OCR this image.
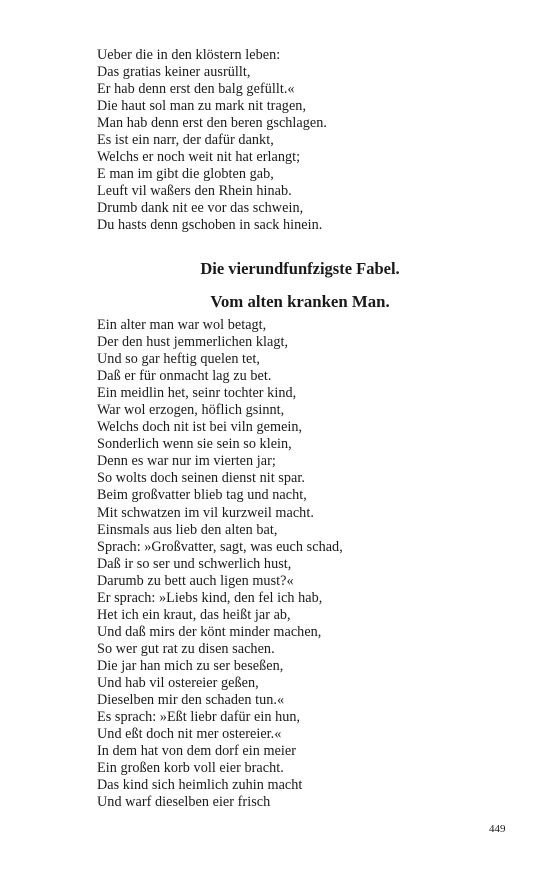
Ueber die in den klöstern leben:
Das gratias keiner ausrüllt,
Er hab denn erst den balg gefüllt.«
Die haut sol man zu mark nit tragen,
Man hab denn erst den beren gschlagen.
Es ist ein narr, der dafür dankt,
Welchs er noch weit nit hat erlangt;
E man im gibt die globten gab,
Leuft vil waßers den Rhein hinab.
Drumb dank nit ee vor das schwein,
Du hasts denn gschoben in sack hinein.
Die vierundfunfzigste Fabel.
Vom alten kranken Man.
Ein alter man war wol betagt,
Der den hust jemmerlichen klagt,
Und so gar heftig quelen tet,
Daß er für onmacht lag zu bet.
Ein meidlin het, seinr tochter kind,
War wol erzogen, höflich gsinnt,
Welchs doch nit ist bei viln gemein,
Sonderlich wenn sie sein so klein,
Denn es war nur im vierten jar;
So wolts doch seinen dienst nit spar.
Beim großvatter blieb tag und nacht,
Mit schwatzen im vil kurzweil macht.
Einsmals aus lieb den alten bat,
Sprach: »Großvatter, sagt, was euch schad,
Daß ir so ser und schwerlich hust,
Darumb zu bett auch ligen must?«
Er sprach: »Liebs kind, den fel ich hab,
Het ich ein kraut, das heißt jar ab,
Und daß mirs der könt minder machen,
So wer gut rat zu disen sachen.
Die jar han mich zu ser beseßen,
Und hab vil ostereier geßen,
Dieselben mir den schaden tun.«
Es sprach: »Eßt liebr dafür ein hun,
Und eßt doch nit mer ostereier.«
In dem hat von dem dorf ein meier
Ein großen korb voll eier bracht.
Das kind sich heimlich zuhin macht
Und warf dieselben eier frisch
449
